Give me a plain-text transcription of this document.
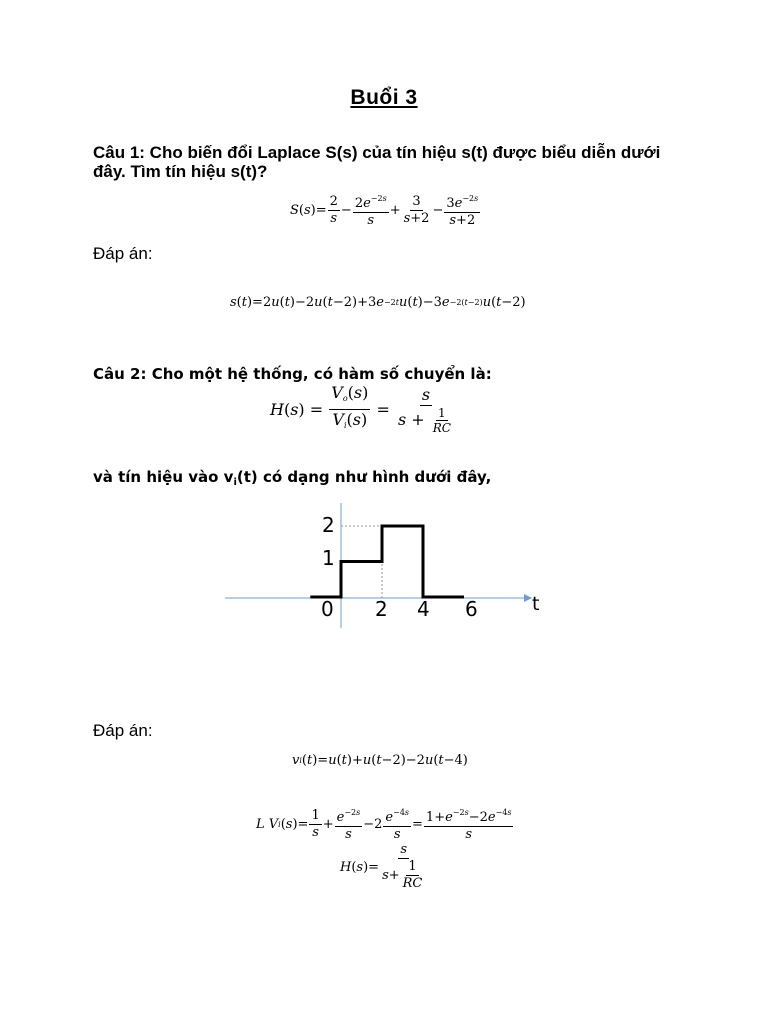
Buổi 3
Câu 1: Cho biến đổi Laplace S(s) của tín hiệu s(t) được biểu diễn dưới đây. Tìm tín hiệu s(t)?
S ( s )= $\frac{2}{s} - \frac{2e^{-2s}}{s} + \frac{3}{s+2} - \frac{3e^{-2s}}{s+2}$
Đáp án:
s ( t )=2 u ( t )−2 u ( t −2)+3 e −2t u ( t )−3 e −2(t−2) u ( t −2)
Câu 2: Cho một hệ thống, có hàm số chuyển là:
H ( s ) = $\frac{V_o(s)}{V_i(s)} = \frac{s}{s + \frac{1}{RC}}$
và tín hiệu vào $v_i(t)$ có dạng như hình dưới đây,
2
1
0 2 4 6	t
Đáp án:
v i ( t )= u ( t )+ u ( t −2)−2 u ( t −4)
L V i ( s )= $\frac{1}{s} + \frac{e^{-2s}}{s} -2 \frac{e^{-4s}}{s} = \frac{1+e^{-2s}-2e^{-4s}}{s}$
H ( s )= $\frac{s}{s+ \frac{1}{RC}}$
